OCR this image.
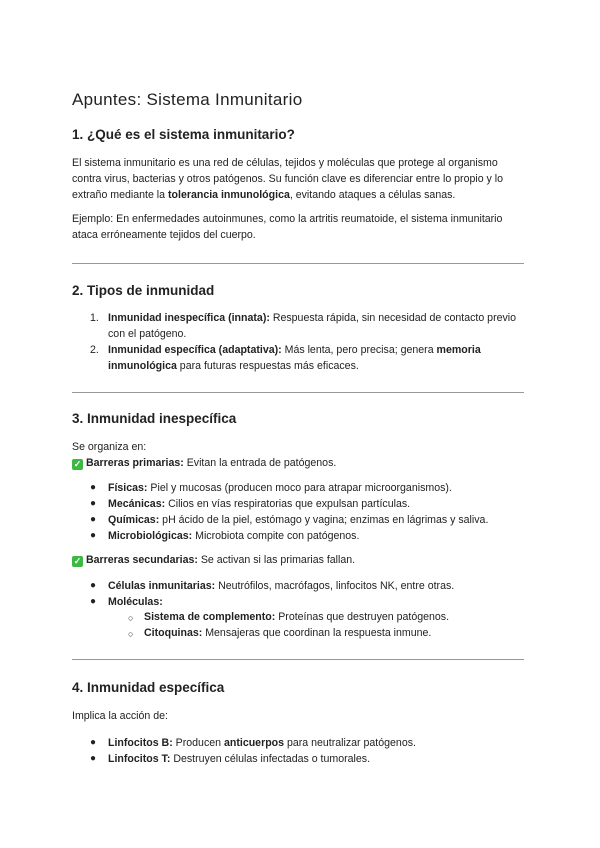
Apuntes: Sistema Inmunitario
1. ¿Qué es el sistema inmunitario?

El sistema inmunitario es una red de células, tejidos y moléculas que protege al organismo contra virus, bacterias y otros patógenos. Su función clave es diferenciar entre lo propio y lo extraño mediante la tolerancia inmunológica, evitando ataques a células sanas.

Ejemplo: En enfermedades autoinmunes, como la artritis reumatoide, el sistema inmunitario ataca erróneamente tejidos del cuerpo.

2. Tipos de inmunidad
1. Inmunidad inespecífica (innata): Respuesta rápida, sin necesidad de contacto previo con el patógeno.
2. Inmunidad específica (adaptativa): Más lenta, pero precisa; genera memoria inmunológica para futuras respuestas más eficaces.
3. Inmunidad inespecífica

Se organiza en:

✓ Barreras primarias: Evitan la entrada de patógenos.

● Físicas: Piel y mucosas (producen moco para atrapar microorganismos).
● Mecánicas: Cilios en vías respiratorias que expulsan partículas.
● Químicas: pH ácido de la piel, estómago y vagina; enzimas en lágrimas y saliva.
● Microbiológicas: Microbiota compite con patógenos.

✓ Barreras secundarias: Se activan si las primarias fallan.

● Células inmunitarias: Neutrófilos, macrófagos, linfocitos NK, entre otras.
● Moléculas:
○ Sistema de complemento: Proteínas que destruyen patógenos.
○ Citoquinas: Mensajeras que coordinan la respuesta inmune.
4. Inmunidad específica

Implica la acción de:

● Linfocitos B: Producen anticuerpos para neutralizar patógenos.
● Linfocitos T: Destruyen células infectadas o tumorales.
